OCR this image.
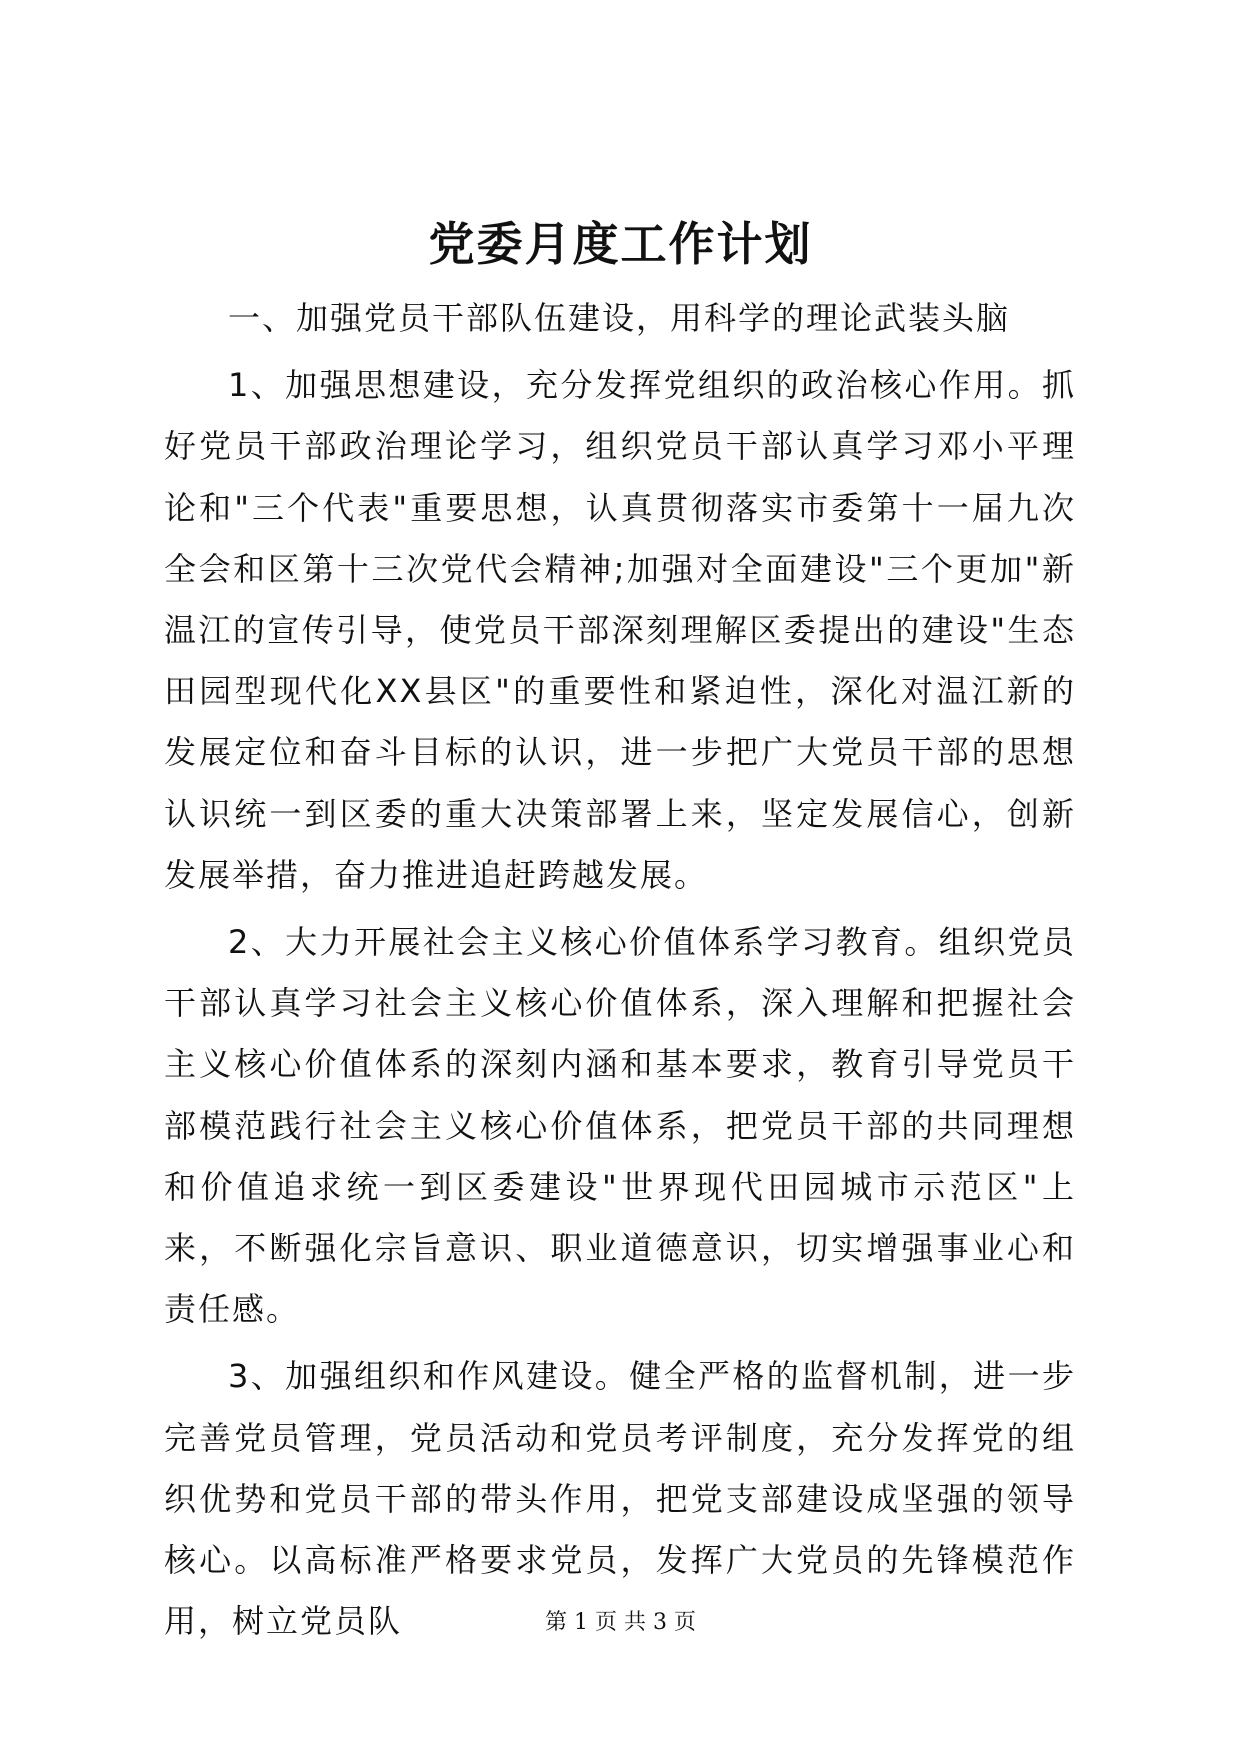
党委月度工作计划

一、加强党员干部队伍建设，用科学的理论武装头脑

1、加强思想建设，充分发挥党组织的政治核心作用。抓好党员干部政治理论学习，组织党员干部认真学习邓小平理论和"三个代表"重要思想，认真贯彻落实市委第十一届九次全会和区第十三次党代会精神;加强对全面建设"三个更加"新温江的宣传引导，使党员干部深刻理解区委提出的建设"生态田园型现代化XX县区"的重要性和紧迫性，深化对温江新的发展定位和奋斗目标的认识，进一步把广大党员干部的思想认识统一到区委的重大决策部署上来，坚定发展信心，创新发展举措，奋力推进追赶跨越发展。

2、大力开展社会主义核心价值体系学习教育。组织党员干部认真学习社会主义核心价值体系，深入理解和把握社会主义核心价值体系的深刻内涵和基本要求，教育引导党员干部模范践行社会主义核心价值体系，把党员干部的共同理想和价值追求统一到区委建设"世界现代田园城市示范区"上来，不断强化宗旨意识、职业道德意识，切实增强事业心和责任感。

3、加强组织和作风建设。健全严格的监督机制，进一步完善党员管理，党员活动和党员考评制度，充分发挥党的组织优势和党员干部的带头作用，把党支部建设成坚强的领导核心。以高标准严格要求党员，发挥广大党员的先锋模范作用，树立党员队	第 1 页 共 3 页
